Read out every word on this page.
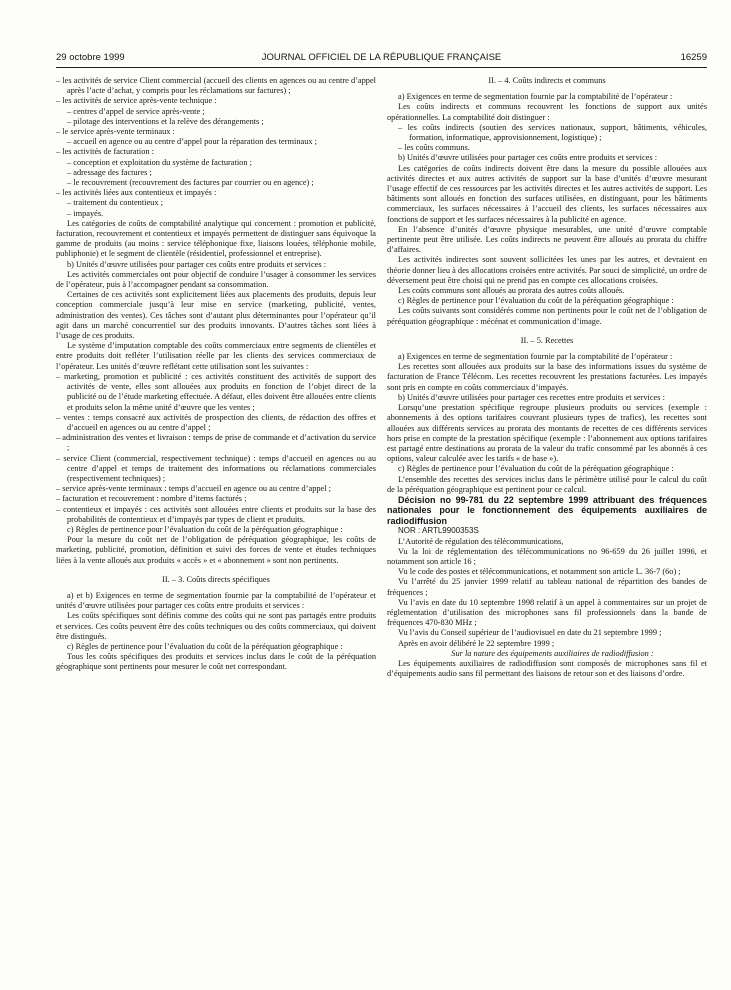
29 octobre 1999	JOURNAL OFFICIEL DE LA RÉPUBLIQUE FRANÇAISE	16259

– les activités de service Client commercial (accueil des clients en agences ou au centre d’appel après l’acte d’achat, y compris pour les réclamations sur factures) ;

– les activités de service après-vente technique :

– centres d’appel de service après-vente ;

– pilotage des interventions et la relève des dérangements ;

– le service après-vente terminaux :

– accueil en agence ou au centre d’appel pour la réparation des terminaux ;

– les activités de facturation :

– conception et exploitation du système de facturation ;

– adressage des factures ;

– le recouvrement (recouvrement des factures par courrier ou en agence) ;

– les activités liées aux contentieux et impayés :

– traitement du contentieux ;

– impayés.

Les catégories de coûts de comptabilité analytique qui concernent : promotion et publicité, facturation, recouvrement et contentieux et impayés permettent de distinguer sans équivoque la gamme de produits (au moins : service téléphonique fixe, liaisons louées, téléphonie mobile, publiphonie) et le segment de clientèle (résidentiel, professionnel et entreprise).

b) Unités d’œuvre utilisées pour partager ces coûts entre produits et services :

Les activités commerciales ont pour objectif de conduire l’usager à consommer les services de l’opérateur, puis à l’accompagner pendant sa consommation.

Certaines de ces activités sont explicitement liées aux placements des produits, depuis leur conception commerciale jusqu’à leur mise en service (marketing, publicité, ventes, administration des ventes). Ces tâches sont d’autant plus déterminantes pour l’opérateur qu’il agit dans un marché concurrentiel sur des produits innovants. D’autres tâches sont liées à l’usage de ces produits.

Le système d’imputation comptable des coûts commerciaux entre segments de clientèles et entre produits doit refléter l’utilisation réelle par les clients des services commerciaux de l’opérateur. Les unités d’œuvre reflétant cette utilisation sont les suivantes :

– marketing, promotion et publicité : ces activités constituent des activités de support des activités de vente, elles sont allouées aux produits en fonction de l’objet direct de la publicité ou de l’étude marketing effectuée. A défaut, elles doivent être allouées entre clients et produits selon la même unité d’œuvre que les ventes ;

– ventes : temps consacré aux activités de prospection des clients, de rédaction des offres et d’accueil en agences ou au centre d’appel ;

– administration des ventes et livraison : temps de prise de commande et d’activation du service ;

– service Client (commercial, respectivement technique) : temps d’accueil en agences ou au centre d’appel et temps de traitement des informations ou réclamations commerciales (respectivement techniques) ;

– service après-vente terminaux : temps d’accueil en agence ou au centre d’appel ;

– facturation et recouvrement : nombre d’items facturés ;

– contentieux et impayés : ces activités sont allouées entre clients et produits sur la base des probabilités de contentieux et d’impayés par types de client et produits.

c) Règles de pertinence pour l’évaluation du coût de la péréquation géographique :

Pour la mesure du coût net de l’obligation de péréquation géographique, les coûts de marketing, publicité, promotion, définition et suivi des forces de vente et études techniques liées à la vente alloués aux produits « accès » et « abonnement » sont non pertinents.

II. – 3. Coûts directs spécifiques

a) et b) Exigences en terme de segmentation fournie par la comptabilité de l’opérateur et unités d’œuvre utilisées pour partager ces coûts entre produits et services :

Les coûts spécifiques sont définis comme des coûts qui ne sont pas partagés entre produits et services. Ces coûts peuvent être des coûts techniques ou des coûts commerciaux, qui doivent être distingués.

c) Règles de pertinence pour l’évaluation du coût de la péréquation géographique :

Tous les coûts spécifiques des produits et services inclus dans le coût de la péréquation géographique sont pertinents pour mesurer le coût net correspondant.

II. – 4. Coûts indirects et communs

a) Exigences en terme de segmentation fournie par la comptabilité de l’opérateur :

Les coûts indirects et communs recouvrent les fonctions de support aux unités opérationnelles. La comptabilité doit distinguer :

– les coûts indirects (soutien des services nationaux, support, bâtiments, véhicules, formation, informatique, approvisionnement, logistique) ;

– les coûts communs.

b) Unités d’œuvre utilisées pour partager ces coûts entre produits et services :

Les catégories de coûts indirects doivent être dans la mesure du possible allouées aux activités directes et aux autres activités de support sur la base d’unités d’œuvre mesurant l’usage effectif de ces ressources par les activités directes et les autres activités de support. Les bâtiments sont alloués en fonction des surfaces utilisées, en distinguant, pour les bâtiments commerciaux, les surfaces nécessaires à l’accueil des clients, les surfaces nécessaires aux fonctions de support et les surfaces nécessaires à la publicité en agence.

En l’absence d’unités d’œuvre physique mesurables, une unité d’œuvre comptable pertinente peut être utilisée. Les coûts indirects ne peuvent être alloués au prorata du chiffre d’affaires.

Les activités indirectes sont souvent sollicitées les unes par les autres, et devraient en théorie donner lieu à des allocations croisées entre activités. Par souci de simplicité, un ordre de déversement peut être choisi qui ne prend pas en compte ces allocations croisées.

Les coûts communs sont alloués au prorata des autres coûts alloués.

c) Règles de pertinence pour l’évaluation du coût de la péréquation géographique :

Les coûts suivants sont considérés comme non pertinents pour le coût net de l’obligation de péréquation géographique : mécénat et communication d’image.

II. – 5. Recettes

a) Exigences en terme de segmentation fournie par la comptabilité de l’opérateur :

Les recettes sont allouées aux produits sur la base des informations issues du système de facturation de France Télécom. Les recettes recouvrent les prestations facturées. Les impayés sont pris en compte en coûts commerciaux d’impayés.

b) Unités d’œuvre utilisées pour partager ces recettes entre produits et services :

Lorsqu’une prestation spécifique regroupe plusieurs produits ou services (exemple : abonnements à des options tarifaires couvrant plusieurs types de trafics), les recettes sont allouées aux différents services au prorata des montants de recettes de ces différents services hors prise en compte de la prestation spécifique (exemple : l’abonnement aux options tarifaires est partagé entre destinations au prorata de la valeur du trafic consommé par les abonnés à ces options, valeur calculée avec les tarifs « de base »).

c) Règles de pertinence pour l’évaluation du coût de la péréquation géographique :

L’ensemble des recettes des services inclus dans le périmètre utilisé pour le calcul du coût de la péréquation géographique est pertinent pour ce calcul.

Décision no 99-781 du 22 septembre 1999 attribuant des fréquences nationales pour le fonctionnement des équipements auxiliaires de radiodiffusion

NOR : ARTL9900353S

L’Autorité de régulation des télécommunications,

Vu la loi de réglementation des télécommunications no 96-659 du 26 juillet 1996, et notamment son article 16 ;

Vu le code des postes et télécommunications, et notamment son article L. 36-7 (6o) ;

Vu l’arrêté du 25 janvier 1999 relatif au tableau national de répartition des bandes de fréquences ;

Vu l’avis en date du 10 septembre 1998 relatif à un appel à commentaires sur un projet de réglementation d’utilisation des microphones sans fil professionnels dans la bande de fréquences 470-830 MHz ;

Vu l’avis du Conseil supérieur de l’audiovisuel en date du 21 septembre 1999 ;

Après en avoir délibéré le 22 septembre 1999 ;

Sur la nature des équipements auxiliaires de radiodiffusion :

Les équipements auxiliaires de radiodiffusion sont composés de microphones sans fil et d’équipements audio sans fil permettant des liaisons de retour son et des liaisons d’ordre.
